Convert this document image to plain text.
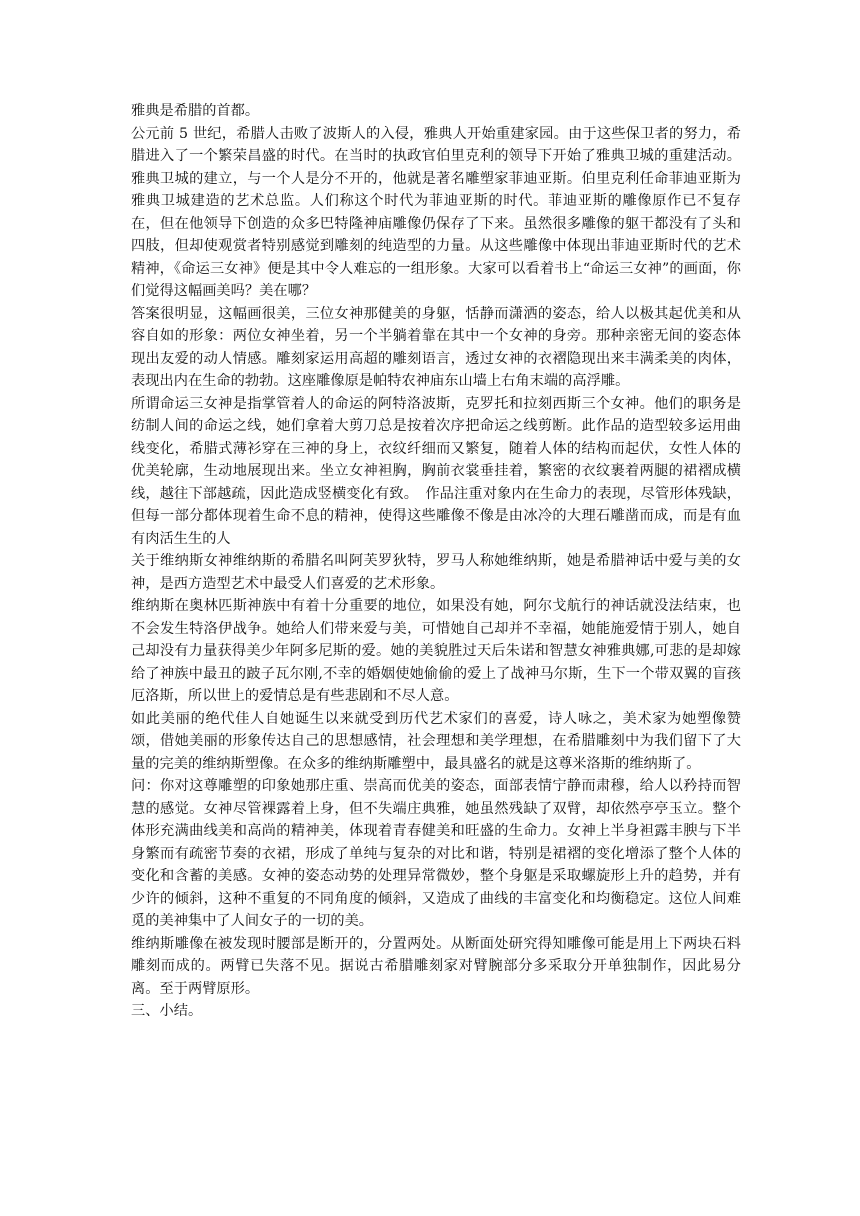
雅典是希腊的首都。

公元前 5 世纪，希腊人击败了波斯人的入侵，雅典人开始重建家园。由于这些保卫者的努力，希腊进入了一个繁荣昌盛的时代。在当时的执政官伯里克利的领导下开始了雅典卫城的重建活动。雅典卫城的建立，与一个人是分不开的，他就是著名雕塑家菲迪亚斯。伯里克利任命菲迪亚斯为雅典卫城建造的艺术总监。人们称这个时代为菲迪亚斯的时代。菲迪亚斯的雕像原作已不复存在，但在他领导下创造的众多巴特隆神庙雕像仍保存了下来。虽然很多雕像的躯干都没有了头和四肢，但却使观赏者特别感觉到雕刻的纯造型的力量。从这些雕像中体现出菲迪亚斯时代的艺术精神，《命运三女神》便是其中令人难忘的一组形象。大家可以看着书上“命运三女神”的画面，你们觉得这幅画美吗？美在哪？

答案很明显，这幅画很美，三位女神那健美的身躯，恬静而潇洒的姿态，给人以极其起优美和从容自如的形象：两位女神坐着，另一个半躺着靠在其中一个女神的身旁。那种亲密无间的姿态体现出友爱的动人情感。雕刻家运用高超的雕刻语言，透过女神的衣褶隐现出来丰满柔美的肉体，表现出内在生命的勃勃。这座雕像原是帕特农神庙东山墙上右角末端的高浮雕。

所谓命运三女神是指掌管着人的命运的阿特洛波斯，克罗托和拉刻西斯三个女神。他们的职务是纺制人间的命运之线，她们拿着大剪刀总是按着次序把命运之线剪断。此作品的造型较多运用曲线变化，希腊式薄衫穿在三神的身上，衣纹纤细而又繁复，随着人体的结构而起伏，女性人体的优美轮廓，生动地展现出来。坐立女神袒胸，胸前衣裳垂挂着，繁密的衣纹裹着两腿的裙褶成横线，越往下部越疏，因此造成竖横变化有致。　作品注重对象内在生命力的表现，尽管形体残缺，但每一部分都体现着生命不息的精神，使得这些雕像不像是由冰冷的大理石雕凿而成，而是有血有肉活生生的人

关于维纳斯女神维纳斯的希腊名叫阿芙罗狄特，罗马人称她维纳斯，她是希腊神话中爱与美的女神，是西方造型艺术中最受人们喜爱的艺术形象。

维纳斯在奥林匹斯神族中有着十分重要的地位，如果没有她，阿尔戈航行的神话就没法结束，也不会发生特洛伊战争。她给人们带来爱与美，可惜她自己却并不幸福，她能施爱情于别人，她自己却没有力量获得美少年阿多尼斯的爱。她的美貌胜过天后朱诺和智慧女神雅典娜,可悲的是却嫁给了神族中最丑的跛子瓦尔刚,不幸的婚姻使她偷偷的爱上了战神马尔斯，生下一个带双翼的盲孩厄洛斯，所以世上的爱情总是有些悲剧和不尽人意。

如此美丽的绝代佳人自她诞生以来就受到历代艺术家们的喜爱，诗人咏之，美术家为她塑像赞颂，借她美丽的形象传达自己的思想感情，社会理想和美学理想，在希腊雕刻中为我们留下了大量的完美的维纳斯塑像。在众多的维纳斯雕塑中，最具盛名的就是这尊米洛斯的维纳斯了。

问：你对这尊雕塑的印象她那庄重、崇高而优美的姿态，面部表情宁静而肃穆，给人以矜持而智慧的感觉。女神尽管裸露着上身，但不失端庄典雅，她虽然残缺了双臂，却依然亭亭玉立。整个体形充满曲线美和高尚的精神美，体现着青春健美和旺盛的生命力。女神上半身袒露丰腴与下半身繁而有疏密节奏的衣裙，形成了单纯与复杂的对比和谐，特别是裙褶的变化增添了整个人体的变化和含蓄的美感。女神的姿态动势的处理异常微妙，整个身躯是采取螺旋形上升的趋势，并有少许的倾斜，这种不重复的不同角度的倾斜，又造成了曲线的丰富变化和均衡稳定。这位人间难觅的美神集中了人间女子的一切的美。

维纳斯雕像在被发现时腰部是断开的，分置两处。从断面处研究得知雕像可能是用上下两块石料雕刻而成的。两臂已失落不见。据说古希腊雕刻家对臂腕部分多采取分开单独制作，因此易分离。至于两臂原形。

三、小结。
